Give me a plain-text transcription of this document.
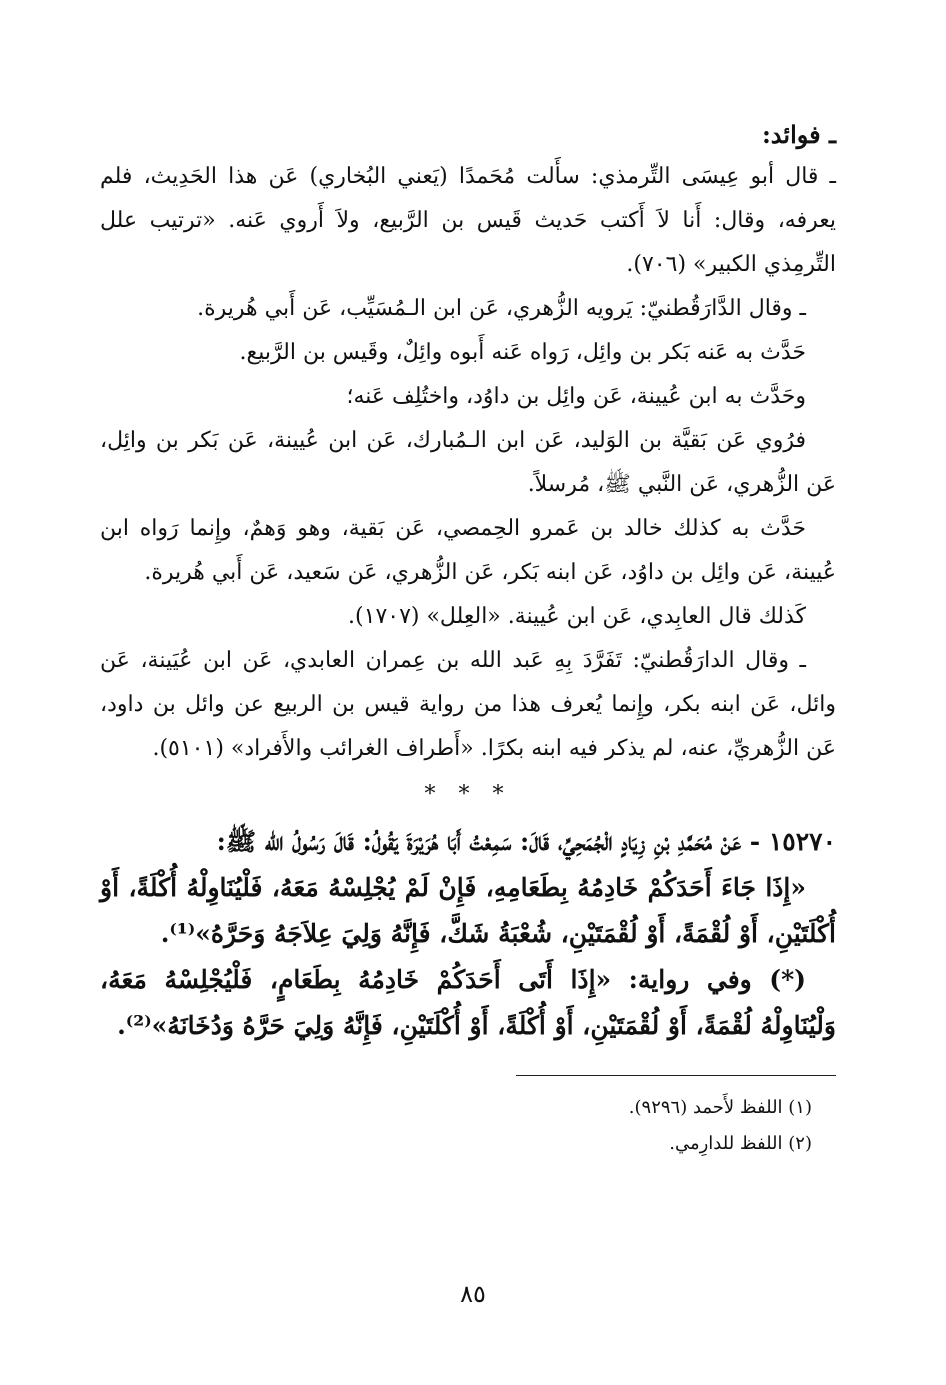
ـ فوائد:

ـ قال أبو عِيسَى التِّرمذي: سأَلت مُحَمدًا (يَعني البُخاري) عَن هذا الحَدِيث، فلم يعرفه، وقال: أَنا لاَ أَكتب حَديث قَيس بن الرَّبيع، ولاَ أَروي عَنه. «ترتيب علل التِّرمِذي الكبير» (٧٠٦).

ـ وقال الدَّارَقُطنيّ: يَرويه الزُّهري، عَن ابن الـمُسَيِّب، عَن أَبي هُريرة.

حَدَّث به عَنه بَكر بن وائِل، رَواه عَنه أَبوه وائِلٌ، وقَيس بن الرَّبيع.

وحَدَّث به ابن عُيينة، عَن وائِل بن داوُد، واختُلِف عَنه؛

فرُوي عَن بَقيَّة بن الوَليد، عَن ابن الـمُبارك، عَن ابن عُيينة، عَن بَكر بن وائِل، عَن الزُّهري، عَن النَّبي ﷺ، مُرسلاً.

حَدَّث به كذلك خالد بن عَمرو الحِمصي، عَن بَقية، وهو وَهمٌ، وإِنما رَواه ابن عُيينة، عَن وائِل بن داوُد، عَن ابنه بَكر، عَن الزُّهري، عَن سَعيد، عَن أَبي هُريرة.

كَذلك قال العابِدي، عَن ابن عُيينة. «العِلل» (١٧٠٧).

ـ وقال الدارَقُطنيّ: تَفَرَّدَ بِهِ عَبد الله بن عِمران العابدي، عَن ابن عُيَينة، عَن وائل، عَن ابنه بكر، وإِنما يُعرف هذا من رواية قيس بن الربيع عن وائل بن داود، عَن الزُّهريِّ، عنه، لم يذكر فيه ابنه بكرًا. «أَطراف الغرائب والأَفراد» (٥١٠١).

* * *

١٥٢٧٠ - عَنْ مُحَمَّدِ بْنِ زِيَادٍ الْجُمَحِيِّ، قَالَ: سَمِعْتُ أَبَا هُرَيْرَةَ يَقُولُ: قَالَ رَسُولُ الله ﷺ:

«إِذَا جَاءَ أَحَدَكُمْ خَادِمُهُ بِطَعَامِهِ، فَإِنْ لَمْ يُجْلِسْهُ مَعَهُ، فَلْيُنَاوِلْهُ أُكْلَةً، أَوْ أُكْلَتَيْنِ، أَوْ لُقْمَةً، أَوْ لُقْمَتَيْنِ، شُعْبَةُ شَكَّ، فَإِنَّهُ وَلِيَ عِلاَجَهُ وَحَرَّهُ»⁽¹⁾.

(*) وفي رواية: «إِذَا أَتَى أَحَدَكُمْ خَادِمُهُ بِطَعَامٍ، فَلْيُجْلِسْهُ مَعَهُ، وَلْيُنَاوِلْهُ لُقْمَةً، أَوْ لُقْمَتَيْنِ، أَوْ أُكْلَةً، أَوْ أُكْلَتَيْنِ، فَإِنَّهُ وَلِيَ حَرَّهُ وَدُخَانَهُ»⁽²⁾.

(١) اللفظ لأَحمد (٩٢٩٦).

(٢) اللفظ للدارِمي.

٨٥
